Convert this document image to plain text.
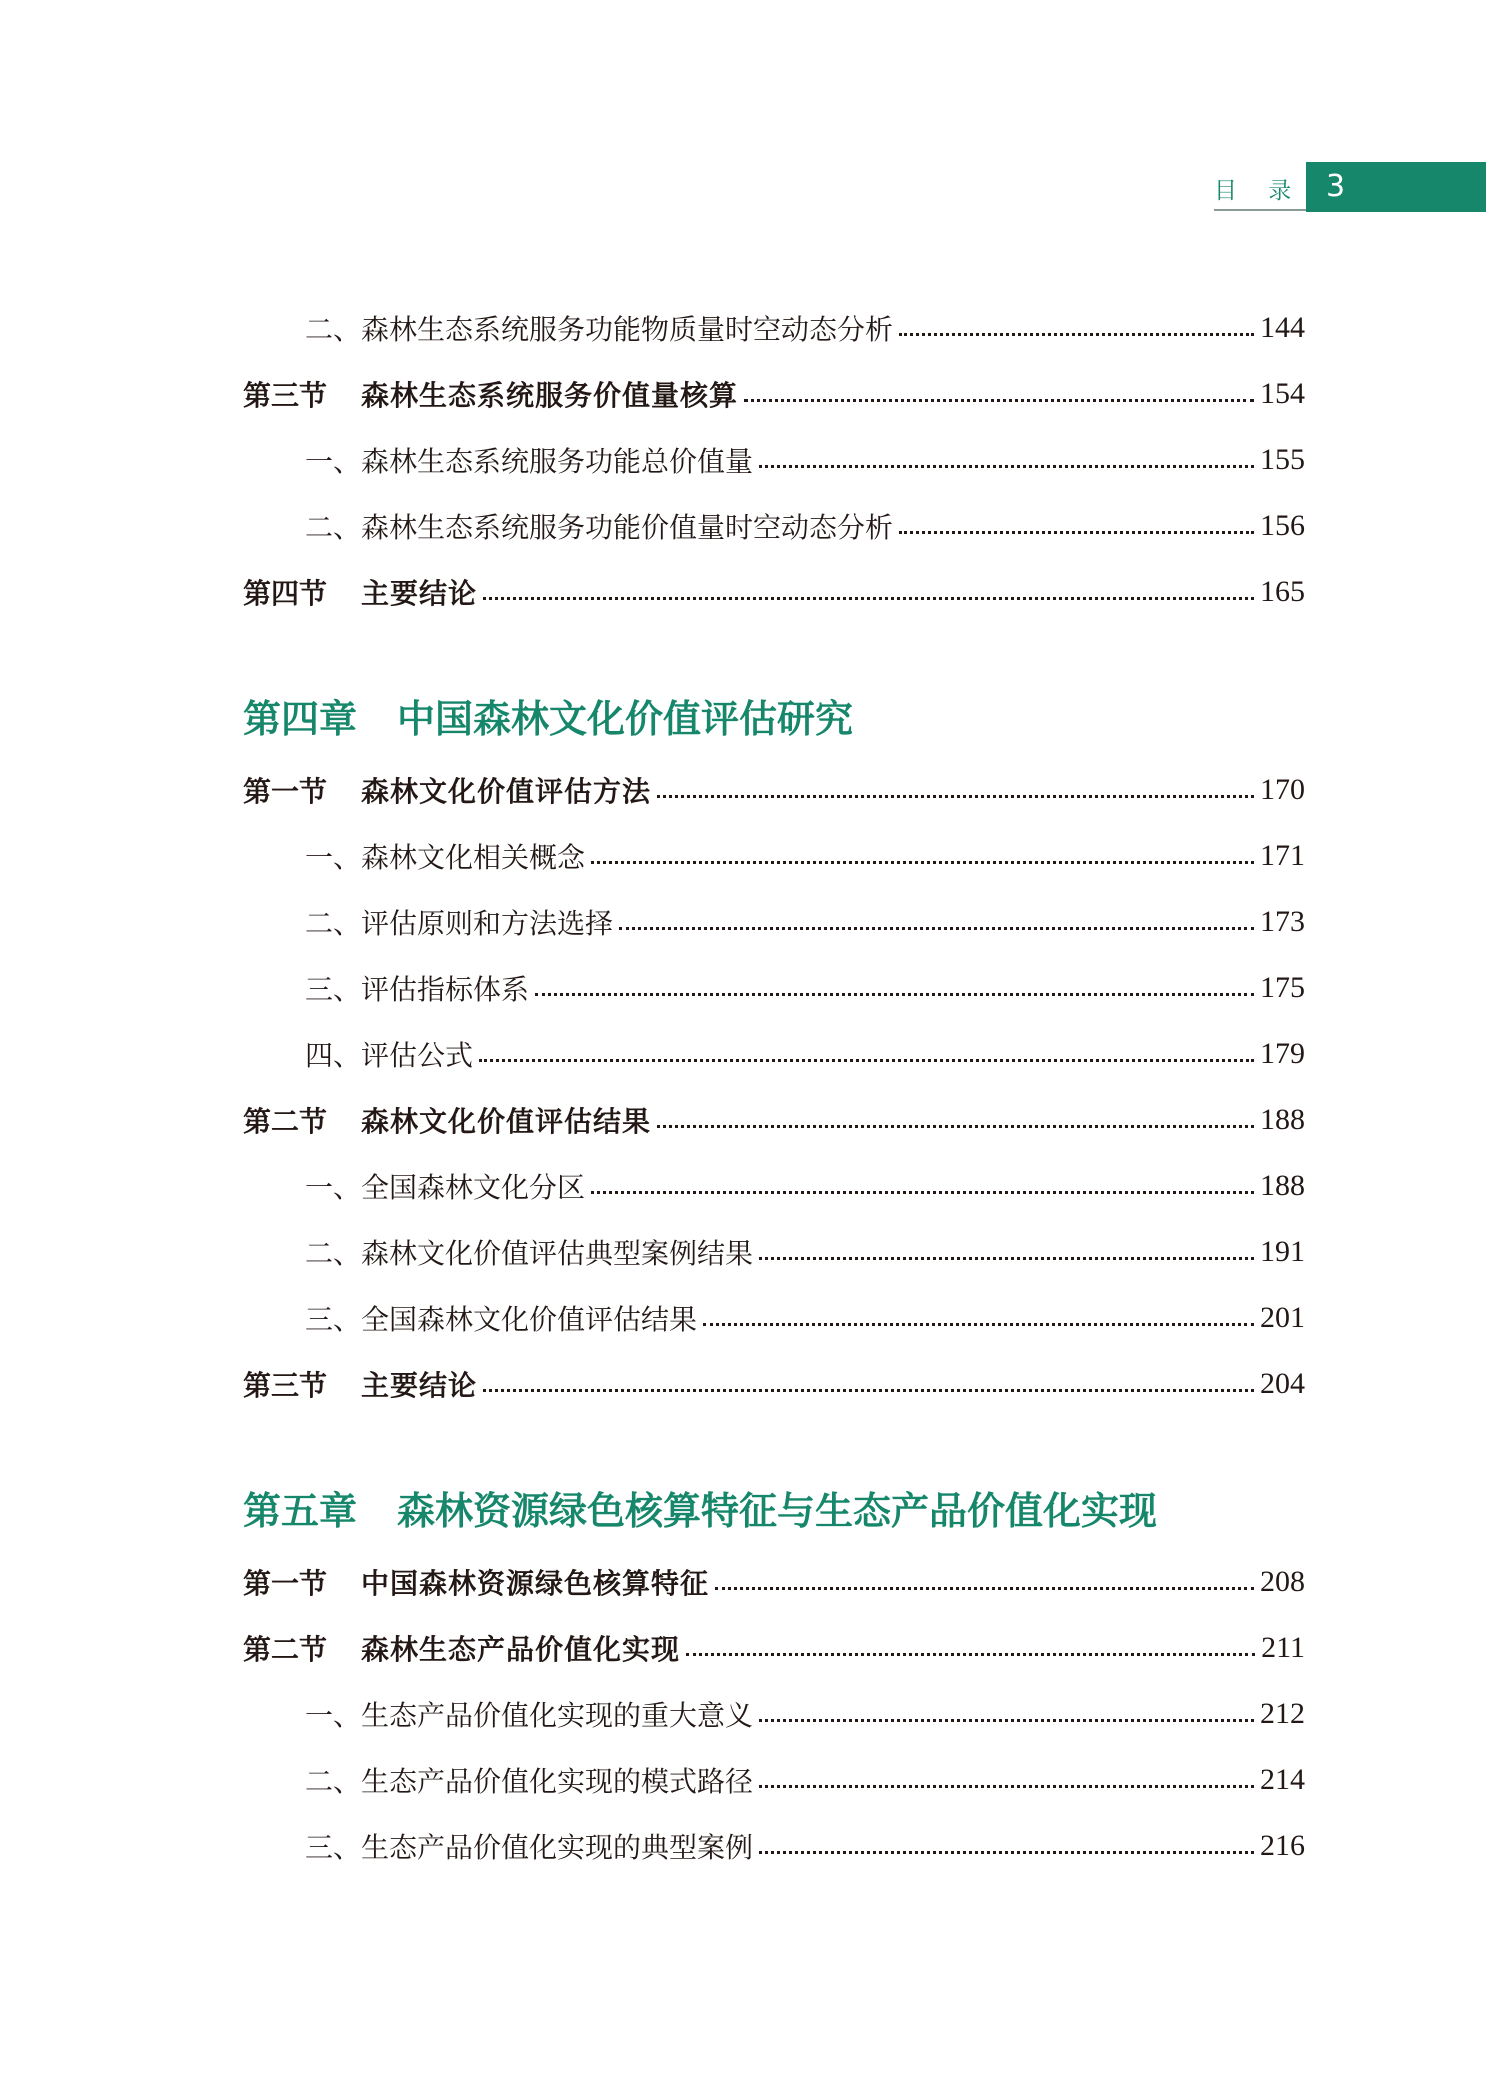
目 录 3
二、森林生态系统服务功能物质量时空动态分析	144
第三节 森林生态系统服务价值量核算	154
一、森林生态系统服务功能总价值量	155
二、森林生态系统服务功能价值量时空动态分析	156
第四节 主要结论	165
第四章 中国森林文化价值评估研究
第一节 森林文化价值评估方法	170
一、森林文化相关概念	171
二、评估原则和方法选择	173
三、评估指标体系	175
四、评估公式	179
第二节 森林文化价值评估结果	188
一、全国森林文化分区	188
二、森林文化价值评估典型案例结果	191
三、全国森林文化价值评估结果	201
第三节 主要结论	204
第五章 森林资源绿色核算特征与生态产品价值化实现
第一节 中国森林资源绿色核算特征	208
第二节 森林生态产品价值化实现	211
一、生态产品价值化实现的重大意义	212
二、生态产品价值化实现的模式路径	214
三、生态产品价值化实现的典型案例	216
